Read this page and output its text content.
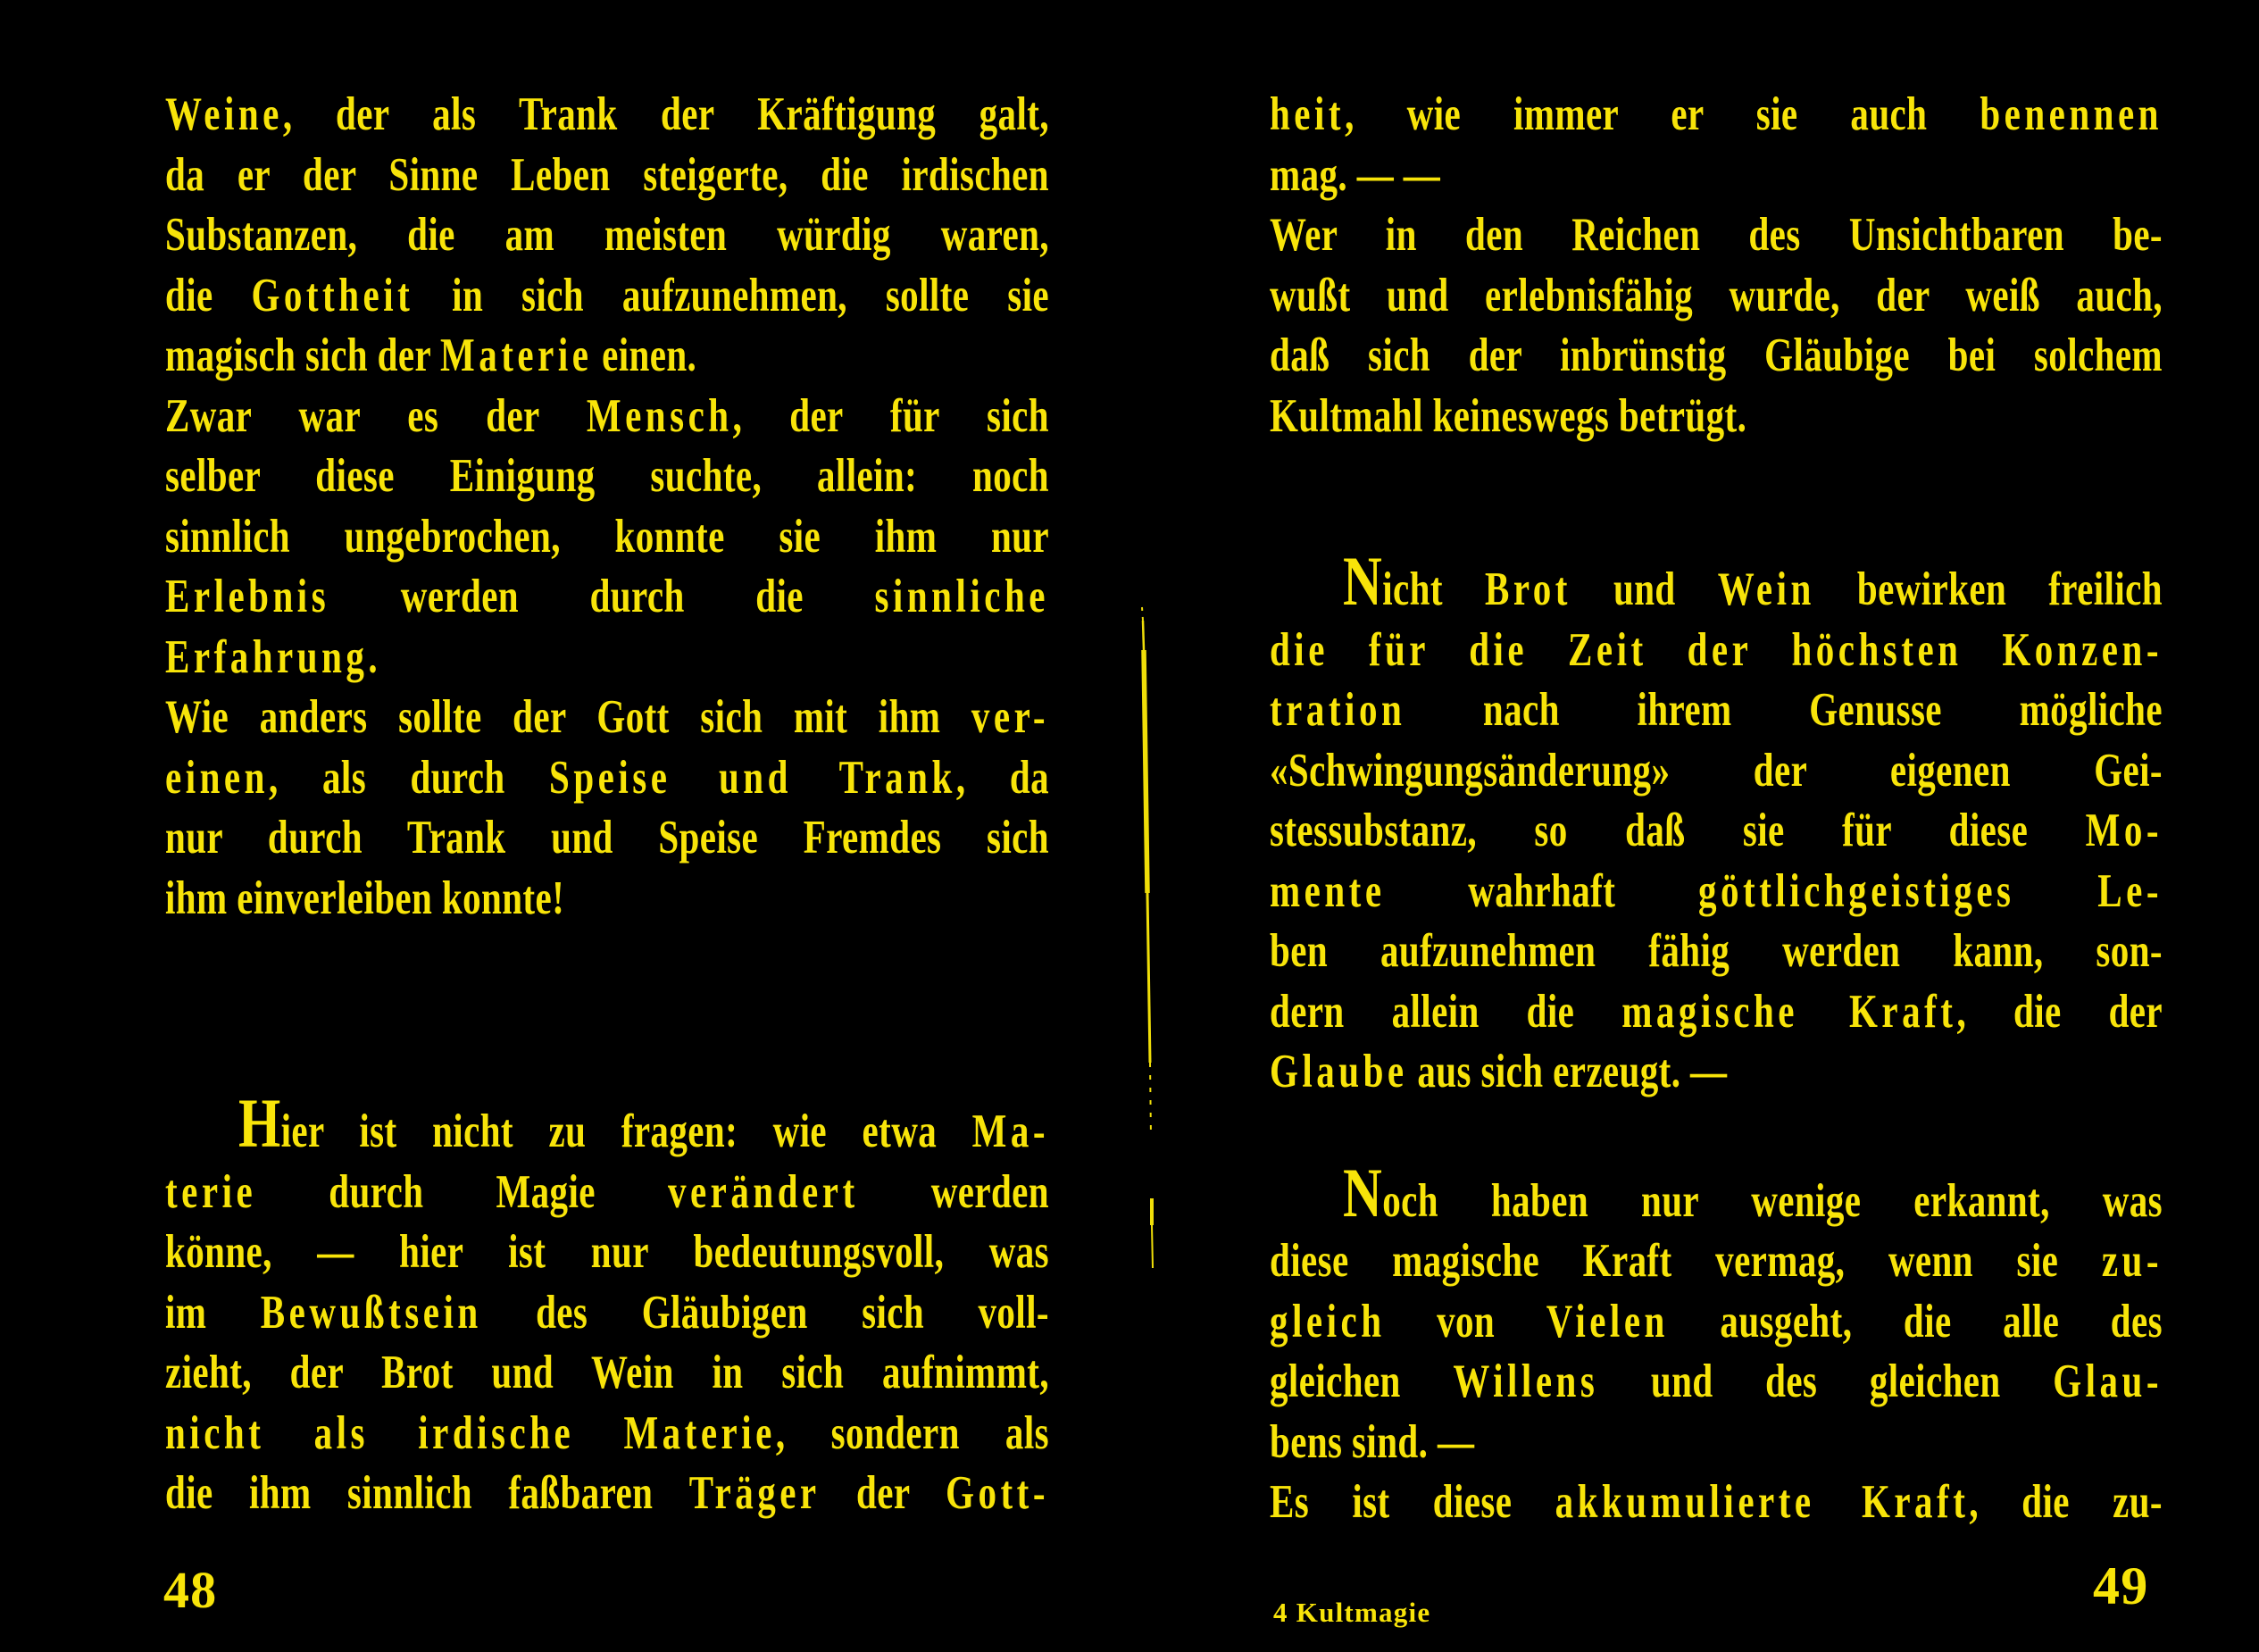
Weine, der als Trank der Kräftigung galt,
da er der Sinne Leben steigerte, die irdischen
Substanzen, die am meisten würdig waren,
die Gottheit in sich aufzunehmen, sollte sie
magisch sich der Materie einen.
Zwar war es der Mensch, der für sich
selber diese Einigung suchte, allein: noch
sinnlich ungebrochen, konnte sie ihm nur
Erlebnis werden durch die sinnliche
Erfahrung.
Wie anders sollte der Gott sich mit ihm ver-
einen, als durch Speise und Trank, da
nur durch Trank und Speise Fremdes sich
ihm einverleiben konnte!
Hier ist nicht zu fragen: wie etwa Ma-
terie durch Magie verändert werden
könne, — hier ist nur bedeutungsvoll, was
im Bewußtsein des Gläubigen sich voll-
zieht, der Brot und Wein in sich aufnimmt,
nicht als irdische Materie, sondern als
die ihm sinnlich faßbaren Träger der Gott-
heit, wie immer er sie auch benennen
mag. — —
Wer in den Reichen des Unsichtbaren be-
wußt und erlebnisfähig wurde, der weiß auch,
daß sich der inbrünstig Gläubige bei solchem
Kultmahl keineswegs betrügt.
Nicht Brot und Wein bewirken freilich
die für die Zeit der höchsten Konzen-
tration nach ihrem Genusse mögliche
«Schwingungsänderung» der eigenen Gei-
stessubstanz, so daß sie für diese Mo-
mente wahrhaft göttlichgeistiges Le-
ben aufzunehmen fähig werden kann, son-
dern allein die magische Kraft, die der
Glaube aus sich erzeugt. —
Noch haben nur wenige erkannt, was
diese magische Kraft vermag, wenn sie zu-
gleich von Vielen ausgeht, die alle des
gleichen Willens und des gleichen Glau-
bens sind. —
Es ist diese akkumulierte Kraft, die zu-
48	4 Kultmagie	49
